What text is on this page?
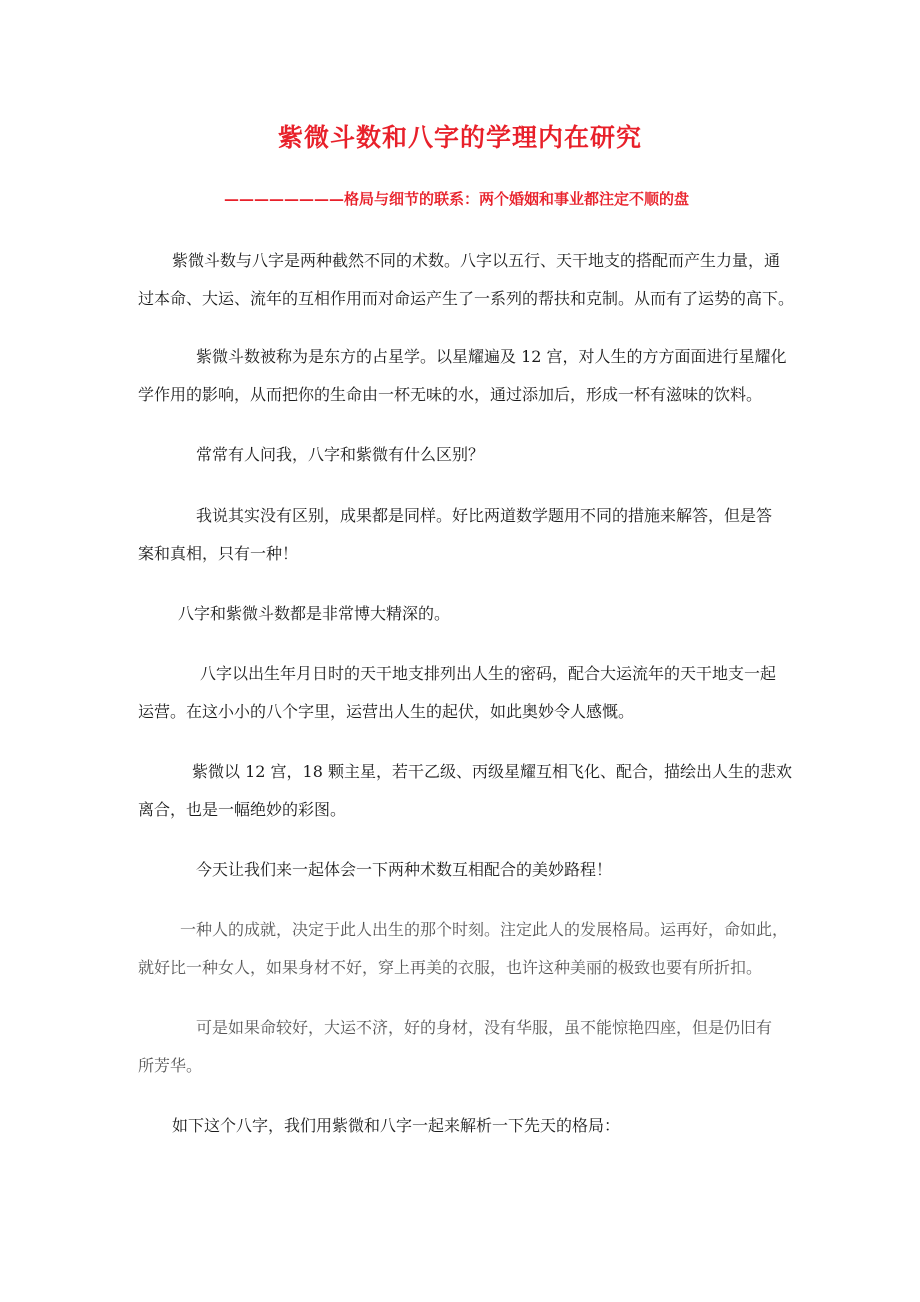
紫微斗数和八字的学理内在研究
————————格局与细节的联系：两个婚姻和事业都注定不顺的盘
紫微斗数与八字是两种截然不同的术数。八字以五行、天干地支的搭配而产生力量，通
过本命、大运、流年的互相作用而对命运产生了一系列的帮扶和克制。从而有了运势的高下。
紫微斗数被称为是东方的占星学。以星耀遍及 12 宫，对人生的方方面面进行星耀化
学作用的影响，从而把你的生命由一杯无味的水，通过添加后，形成一杯有滋味的饮料。
常常有人问我，八字和紫微有什么区别？
我说其实没有区别，成果都是同样。好比两道数学题用不同的措施来解答，但是答
案和真相，只有一种！
八字和紫微斗数都是非常博大精深的。
八字以出生年月日时的天干地支排列出人生的密码，配合大运流年的天干地支一起
运营。在这小小的八个字里，运营出人生的起伏，如此奥妙令人感慨。
紫微以 12 宫，18 颗主星，若干乙级、丙级星耀互相飞化、配合，描绘出人生的悲欢
离合，也是一幅绝妙的彩图。
今天让我们来一起体会一下两种术数互相配合的美妙路程！
一种人的成就，决定于此人出生的那个时刻。注定此人的发展格局。运再好，命如此，
就好比一种女人，如果身材不好，穿上再美的衣服，也许这种美丽的极致也要有所折扣。
可是如果命较好，大运不济，好的身材，没有华服，虽不能惊艳四座，但是仍旧有
所芳华。
如下这个八字，我们用紫微和八字一起来解析一下先天的格局：
